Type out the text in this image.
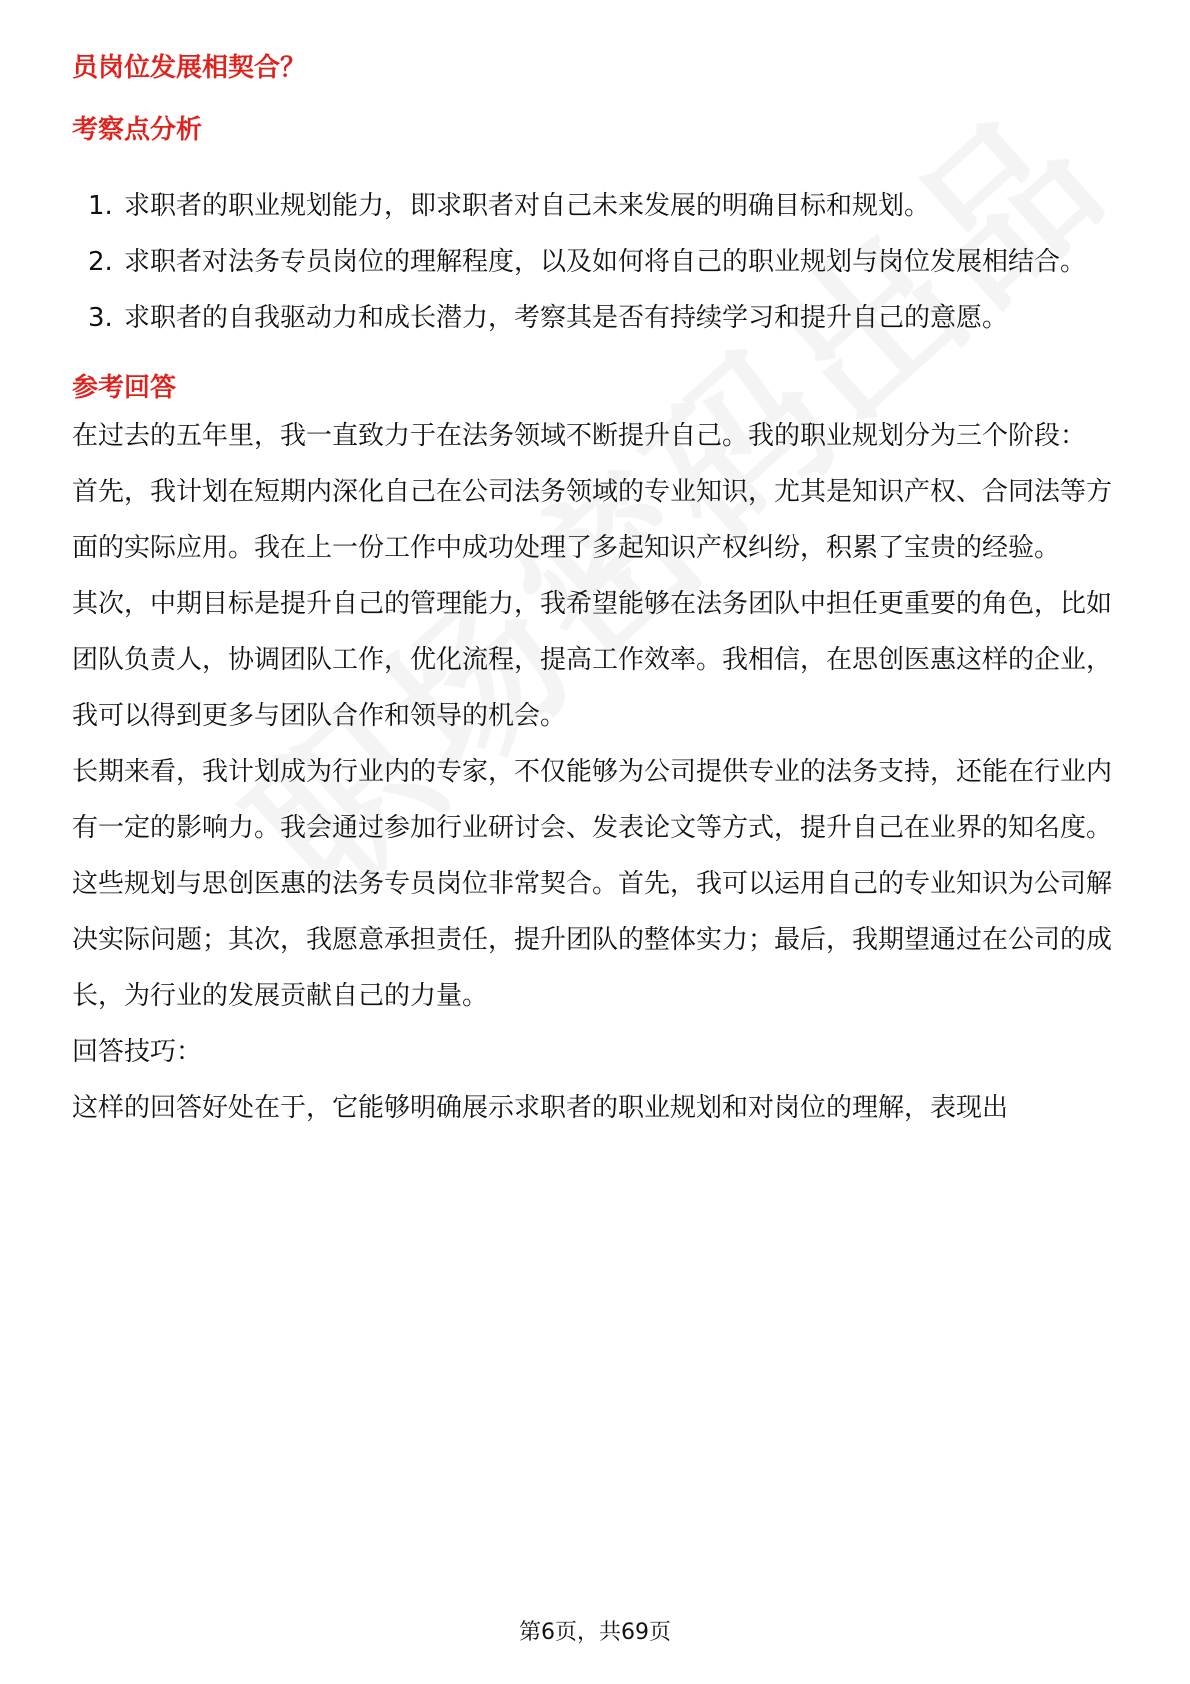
员岗位发展相契合？
考察点分析
1. 求职者的职业规划能力，即求职者对自己未来发展的明确目标和规划。
2. 求职者对法务专员岗位的理解程度，以及如何将自己的职业规划与岗位发展相结合。
3. 求职者的自我驱动力和成长潜力，考察其是否有持续学习和提升自己的意愿。
参考回答

在过去的五年里，我一直致力于在法务领域不断提升自己。我的职业规划分为三个阶段：

首先，我计划在短期内深化自己在公司法务领域的专业知识，尤其是知识产权、合同法等方面的实际应用。我在上一份工作中成功处理了多起知识产权纠纷，积累了宝贵的经验。

其次，中期目标是提升自己的管理能力，我希望能够在法务团队中担任更重要的角色，比如团队负责人，协调团队工作，优化流程，提高工作效率。我相信，在思创医惠这样的企业，我可以得到更多与团队合作和领导的机会。

长期来看，我计划成为行业内的专家，不仅能够为公司提供专业的法务支持，还能在行业内有一定的影响力。我会通过参加行业研讨会、发表论文等方式，提升自己在业界的知名度。

这些规划与思创医惠的法务专员岗位非常契合。首先，我可以运用自己的专业知识为公司解决实际问题；其次，我愿意承担责任，提升团队的整体实力；最后，我期望通过在公司的成长，为行业的发展贡献自己的力量。

回答技巧：

这样的回答好处在于，它能够明确展示求职者的职业规划和对岗位的理解，表现出

第6页，共69页
